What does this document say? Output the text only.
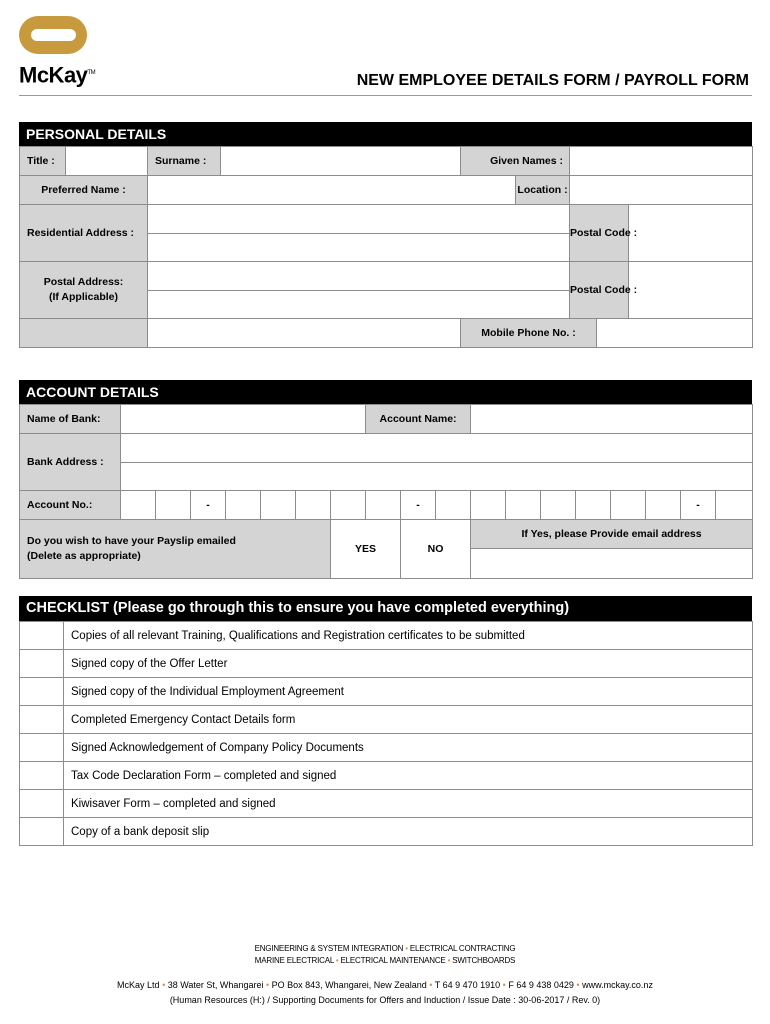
McKay™	NEW EMPLOYEE DETAILS FORM / PAYROLL FORM
PERSONAL DETAILS
Title :		Surname :		Given Names :				
Preferred Name :					Location :			
Residential Address :						Postal Code :		

Postal Address:
(If Applicable)						Postal Code :		

				Mobile Phone No. :				
ACCOUNT DETAILS
Name of Bank:								Account Name:										
Bank Address :																		

Account No.:			-						-								-	
Do you wish to have your Payslip emailed
(Delete as appropriate)							YES		NO		If Yes, please Provide email address							

CHECKLIST (Please go through this to ensure you have completed everything)
	Copies of all relevant Training, Qualifications and Registration certificates to be submitted
	Signed copy of the Offer Letter
	Signed copy of the Individual Employment Agreement
	Completed Emergency Contact Details form
	Signed Acknowledgement of Company Policy Documents
	Tax Code Declaration Form – completed and signed
	Kiwisaver Form – completed and signed
	Copy of a bank deposit slip
ENGINEERING & SYSTEM INTEGRATION • ELECTRICAL CONTRACTING
MARINE ELECTRICAL • ELECTRICAL MAINTENANCE • SWITCHBOARDS
McKay Ltd • 38 Water St, Whangarei • PO Box 843, Whangarei, New Zealand • T 64 9 470 1910 • F 64 9 438 0429 • www.mckay.co.nz
(Human Resources (H:) / Supporting Documents for Offers and Induction / Issue Date : 30-06-2017 / Rev. 0)
